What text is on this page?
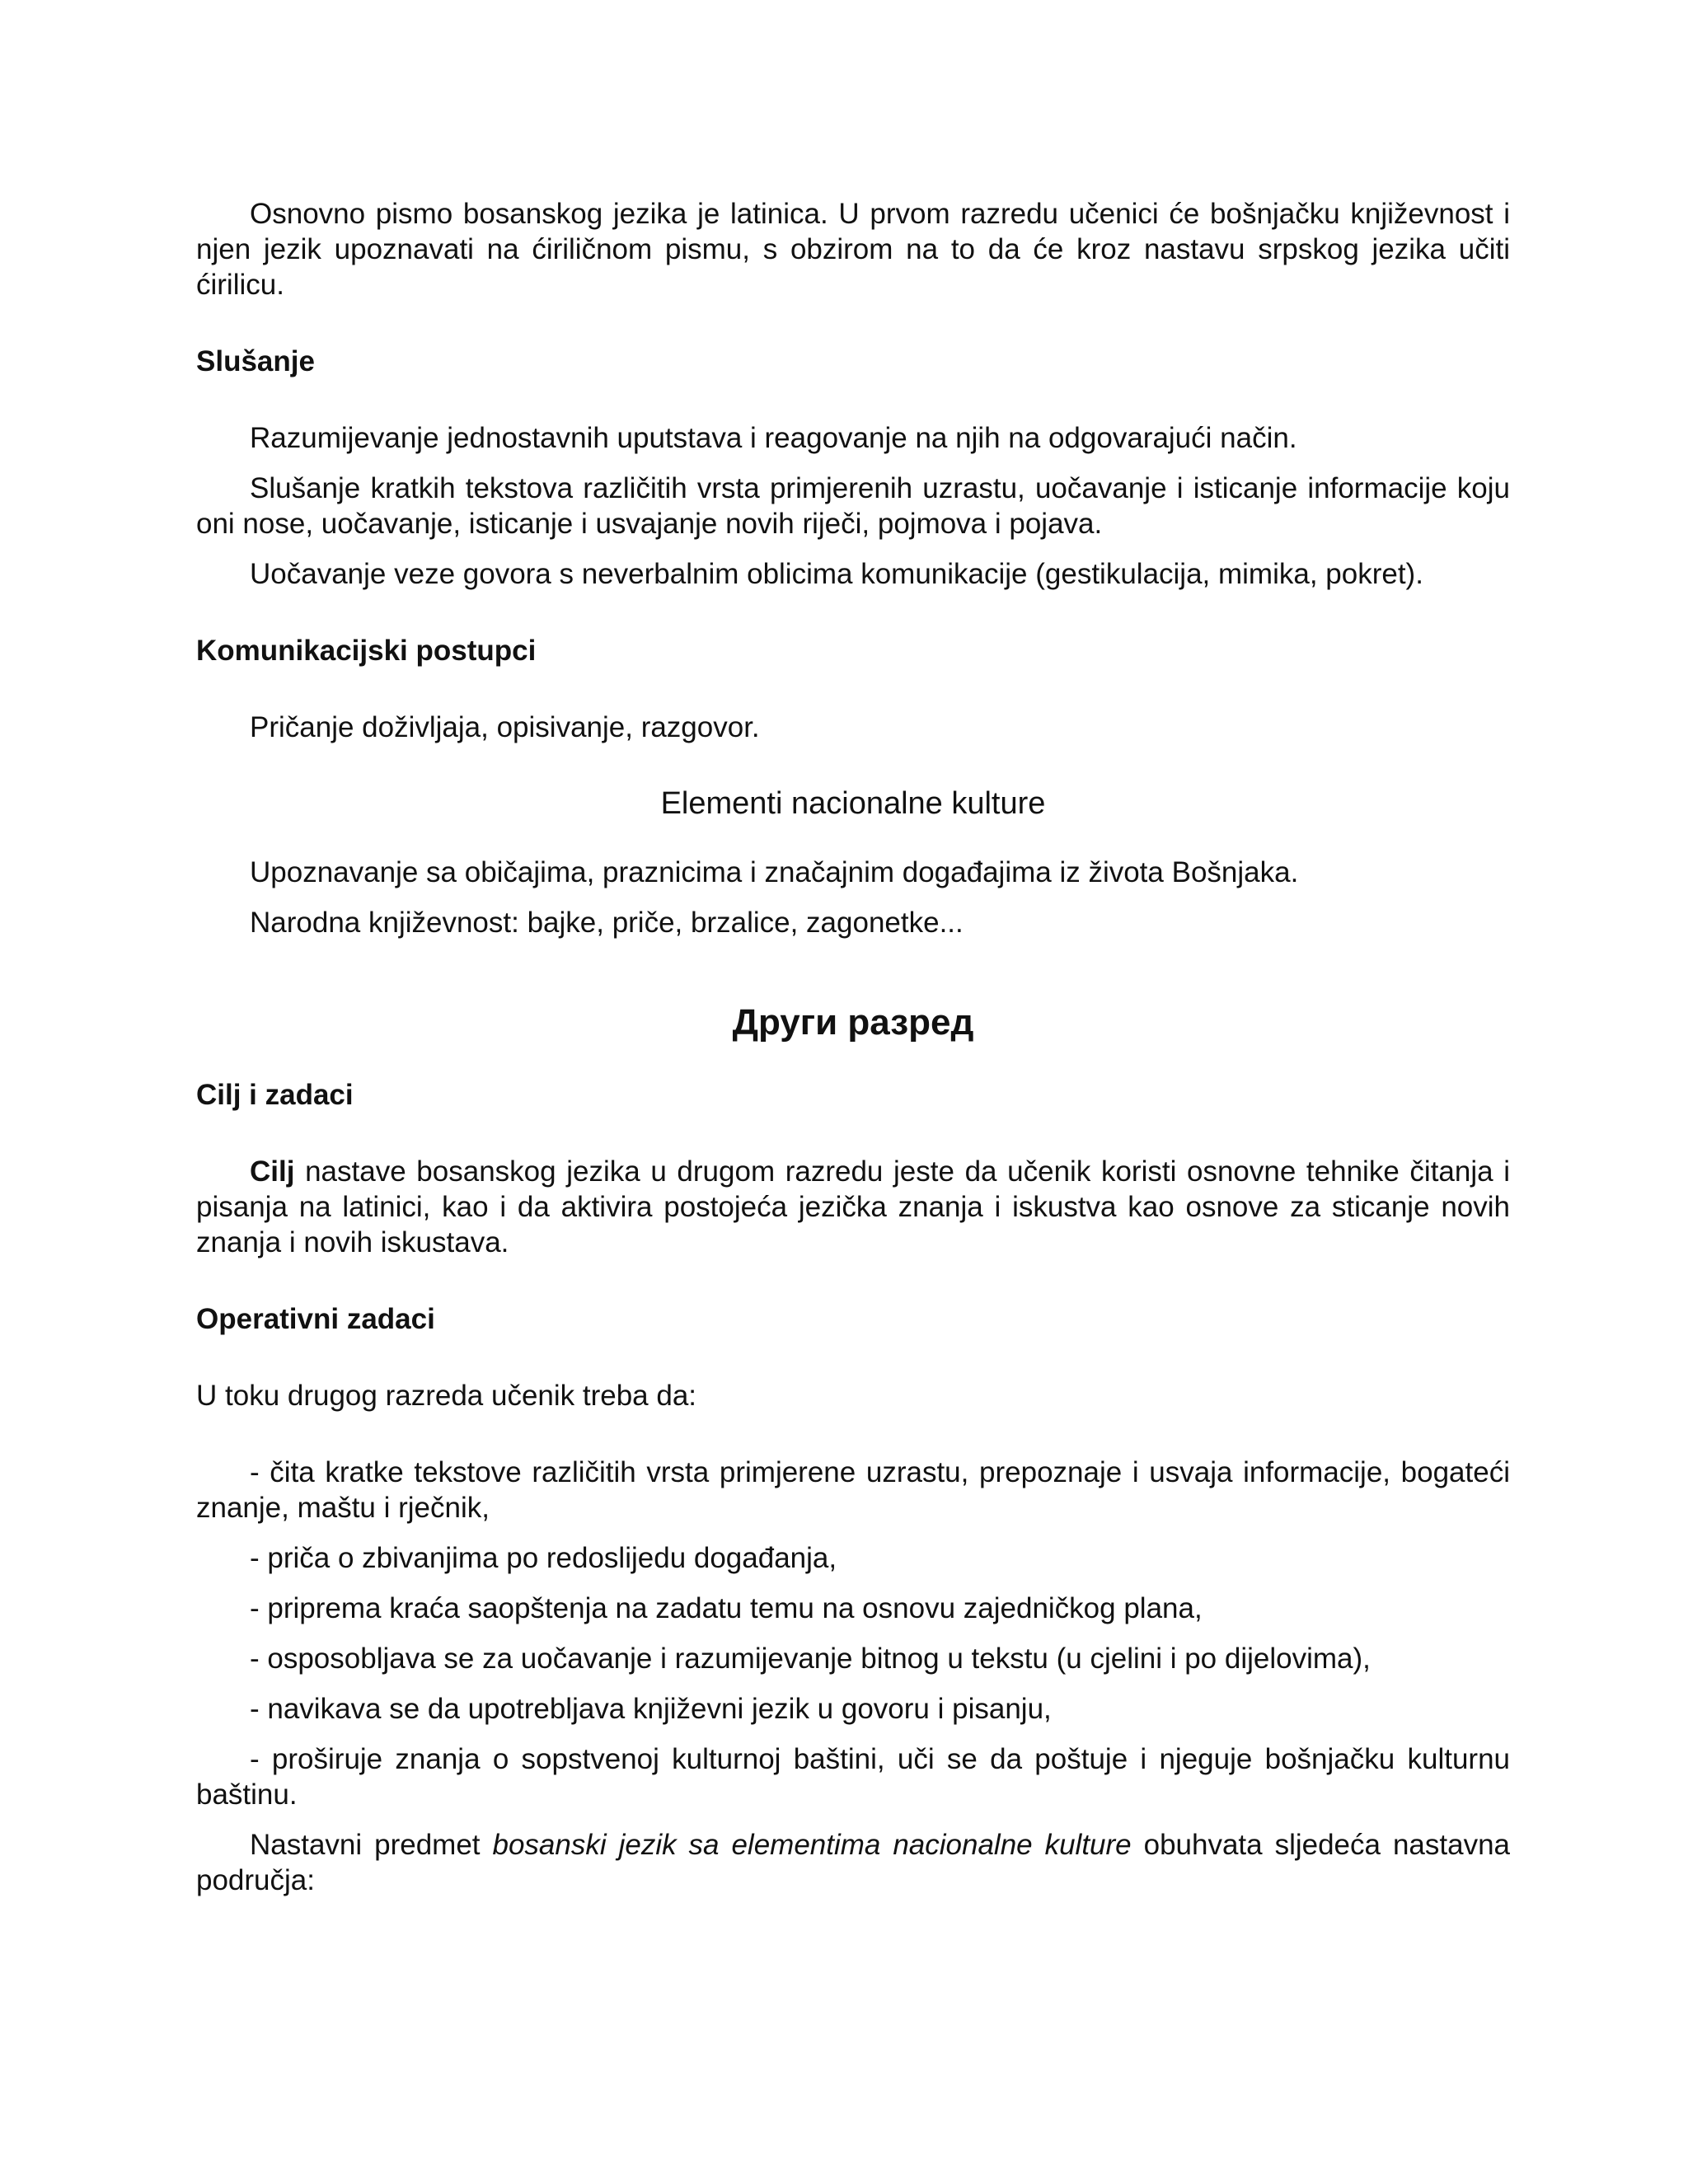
Osnovno pismo bosanskog jezika je latinica. U prvom razredu učenici će bošnjačku književnost i njen jezik upoznavati na ćiriličnom pismu, s obzirom na to da će kroz nastavu srpskog jezika učiti ćirilicu.

Slušanje

Razumijevanje jednostavnih uputstava i reagovanje na njih na odgovarajući način.

Slušanje kratkih tekstova različitih vrsta primjerenih uzrastu, uočavanje i isticanje informacije koju oni nose, uočavanje, isticanje i usvajanje novih riječi, pojmova i pojava.

Uočavanje veze govora s neverbalnim oblicima komunikacije (gestikulacija, mimika, pokret).

Komunikacijski postupci

Pričanje doživljaja, opisivanje, razgovor.

Elementi nacionalne kulture

Upoznavanje sa običajima, praznicima i značajnim događajima iz života Bošnjaka.

Narodna književnost: bajke, priče, brzalice, zagonetke...

Други разред

Cilj i zadaci

Cilj nastave bosanskog jezika u drugom razredu jeste da učenik koristi osnovne tehnike čitanja i pisanja na latinici, kao i da aktivira postojeća jezička znanja i iskustva kao osnove za sticanje novih znanja i novih iskustava.

Operativni zadaci

U toku drugog razreda učenik treba da:

- čita kratke tekstove različitih vrsta primjerene uzrastu, prepoznaje i usvaja informacije, bogateći znanje, maštu i rječnik,

- priča o zbivanjima po redoslijedu događanja,

- priprema kraća saopštenja na zadatu temu na osnovu zajedničkog plana,

- osposobljava se za uočavanje i razumijevanje bitnog u tekstu (u cjelini i po dijelovima),

- navikava se da upotrebljava književni jezik u govoru i pisanju,

- proširuje znanja o sopstvenoj kulturnoj baštini, uči se da poštuje i njeguje bošnjačku kulturnu baštinu.

Nastavni predmet bosanski jezik sa elementima nacionalne kulture obuhvata sljedeća nastavna područja:
